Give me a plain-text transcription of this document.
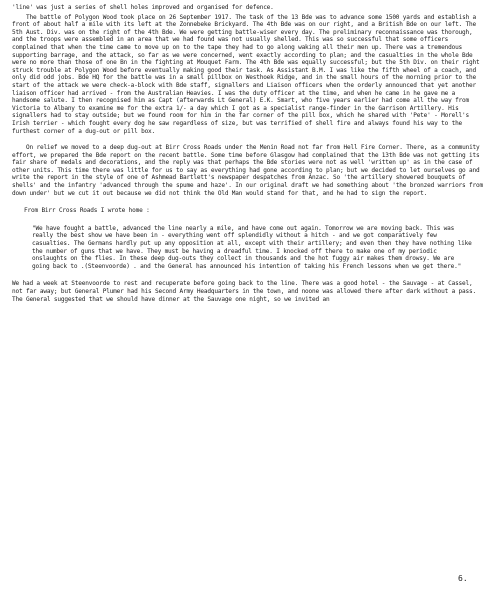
'line' was just a series of shell holes improved and organised for defence.

The battle of Polygon Wood took place on 26 September 1917. The task of the 13 Bde was to advance some 1500 yards and establish a front of about half a mile with its left at the Zonnebeke Brickyard. The 4th Bde was on our right, and a British Bde on our left. The 5th Aust. Div. was on the right of the 4th Bde. We were getting battle-wiser every day. The preliminary reconnaissance was thorough, and the troops were assembled in an area that we had found was not usually shelled. This was so successful that some officers complained that when the time came to move up on to the tape they had to go along waking all their men up. There was a tremendous supporting barrage, and the attack, so far as we were concerned, went exactly according to plan; and the casualties in the whole Bde were no more than those of one Bn in the fighting at Mouquet Farm. The 4th Bde was equally successful; but the 5th Div. on their right struck trouble at Polygon Wood before eventually making good their task. As Assistant B.M. I was like the fifth wheel of a coach, and only did odd jobs. Bde HQ for the battle was in a small pillbox on Westhoek Ridge, and in the small hours of the morning prior to the start of the attack we were check-a-block with Bde staff, signallers and Liaison officers when the orderly announced that yet another liaison officer had arrived - from the Australian Heavies. I was the duty officer at the time, and when he came in he gave me a handsome salute. I then recognised him as Capt (afterwards Lt General) E.K. Smart, who five years earlier had come all the way from Victoria to Albany to examine me for the extra 1/- a day which I got as a specialist range-finder in the Garrison Artillery. His signallers had to stay outside; but we found room for him in the far corner of the pill box, which he shared with 'Pete' - Morell's Irish terrier - which fought every dog he saw regardless of size, but was terrified of shell fire and always found his way to the furthest corner of a dug-out or pill box.

On relief we moved to a deep dug-out at Birr Cross Roads under the Menin Road not far from Hell Fire Corner. There, as a community effort, we prepared the Bde report on the recent battle. Some time before Glasgow had complained that the 13th Bde was not getting its fair share of medals and decorations, and the reply was that perhaps the Bde stories were not as well 'written up' as in the case of other units. This time there was little for us to say as everything had gone according to plan; but we decided to let ourselves go and write the report in the style of one of Ashmead Bartlett's newspaper despatches from Anzac. So 'the artillery showered bouquets of shells' and the infantry 'advanced through the spume and haze'. In our original draft we had something about 'the bronzed warriors from down under' but we cut it out because we did not think the Old Man would stand for that, and he had to sign the report.

From Birr Cross Roads I wrote home :

"We have fought a battle, advanced the line nearly a mile, and have come out again. Tomorrow we are moving back. This was really the best show we have been in - everything went off splendidly without a hitch - and we got comparatively few casualties. The Germans hardly put up any opposition at all, except with their artillery; and even then they have nothing like the number of guns that we have. They must be having a dreadful time. I knocked off there to make one of my periodic onslaughts on the flies. In these deep dug-outs they collect in thousands and the hot fuggy air makes them drowsy. We are going back to .(Steenvoorde) . and the General has announced his intention of taking his French lessons when we get there."

We had a week at Steenvoorde to rest and recuperate before going back to the line. There was a good hotel - the Sauvage - at Cassel, not far away; but General Plumer had his Second Army Headquarters in the town, and noone was allowed there after dark without a pass. The General suggested that we should have dinner at the Sauvage one night, so we invited an

6.
